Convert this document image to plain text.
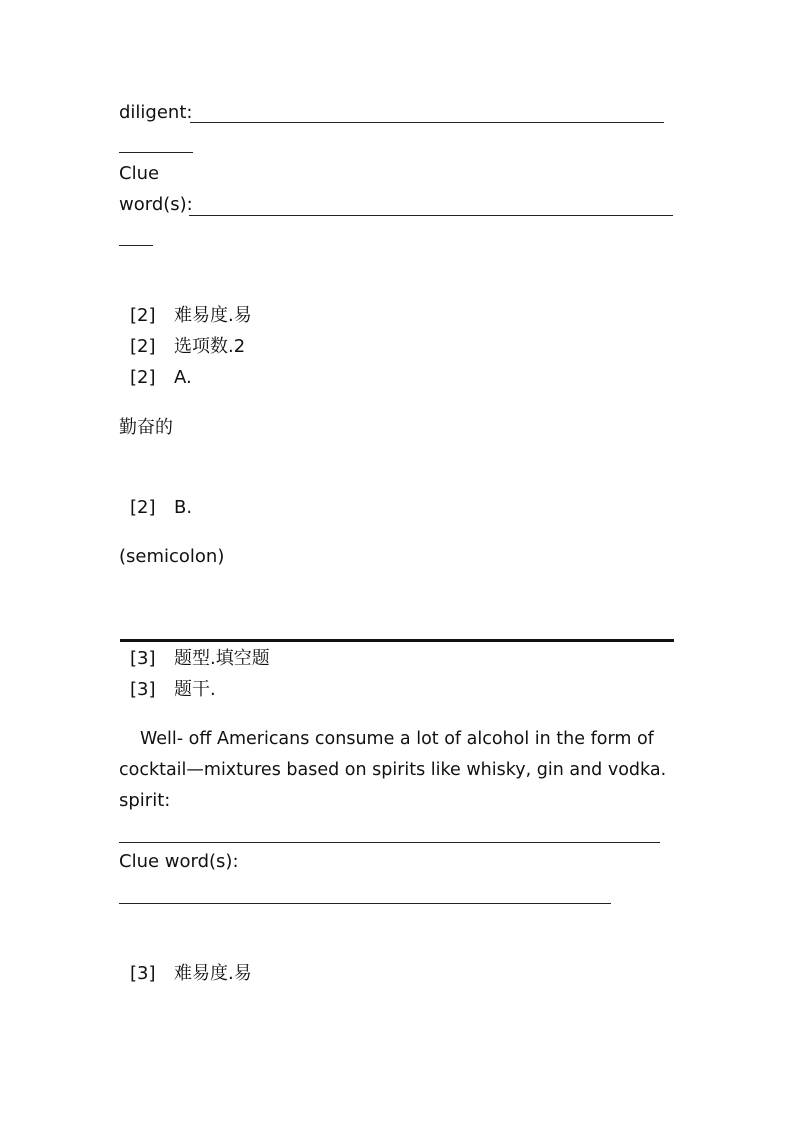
diligent:
Clue
word(s):
[2] 难易度.易
[2] 选项数.2
[2] A.
勤奋的
[2] B.
(semicolon)
[3] 题型.填空题
[3] 题干.
Well- off Americans consume a lot of alcohol in the form of
cocktail—mixtures based on spirits like whisky, gin and vodka.
spirit:
Clue word(s):
[3] 难易度.易
